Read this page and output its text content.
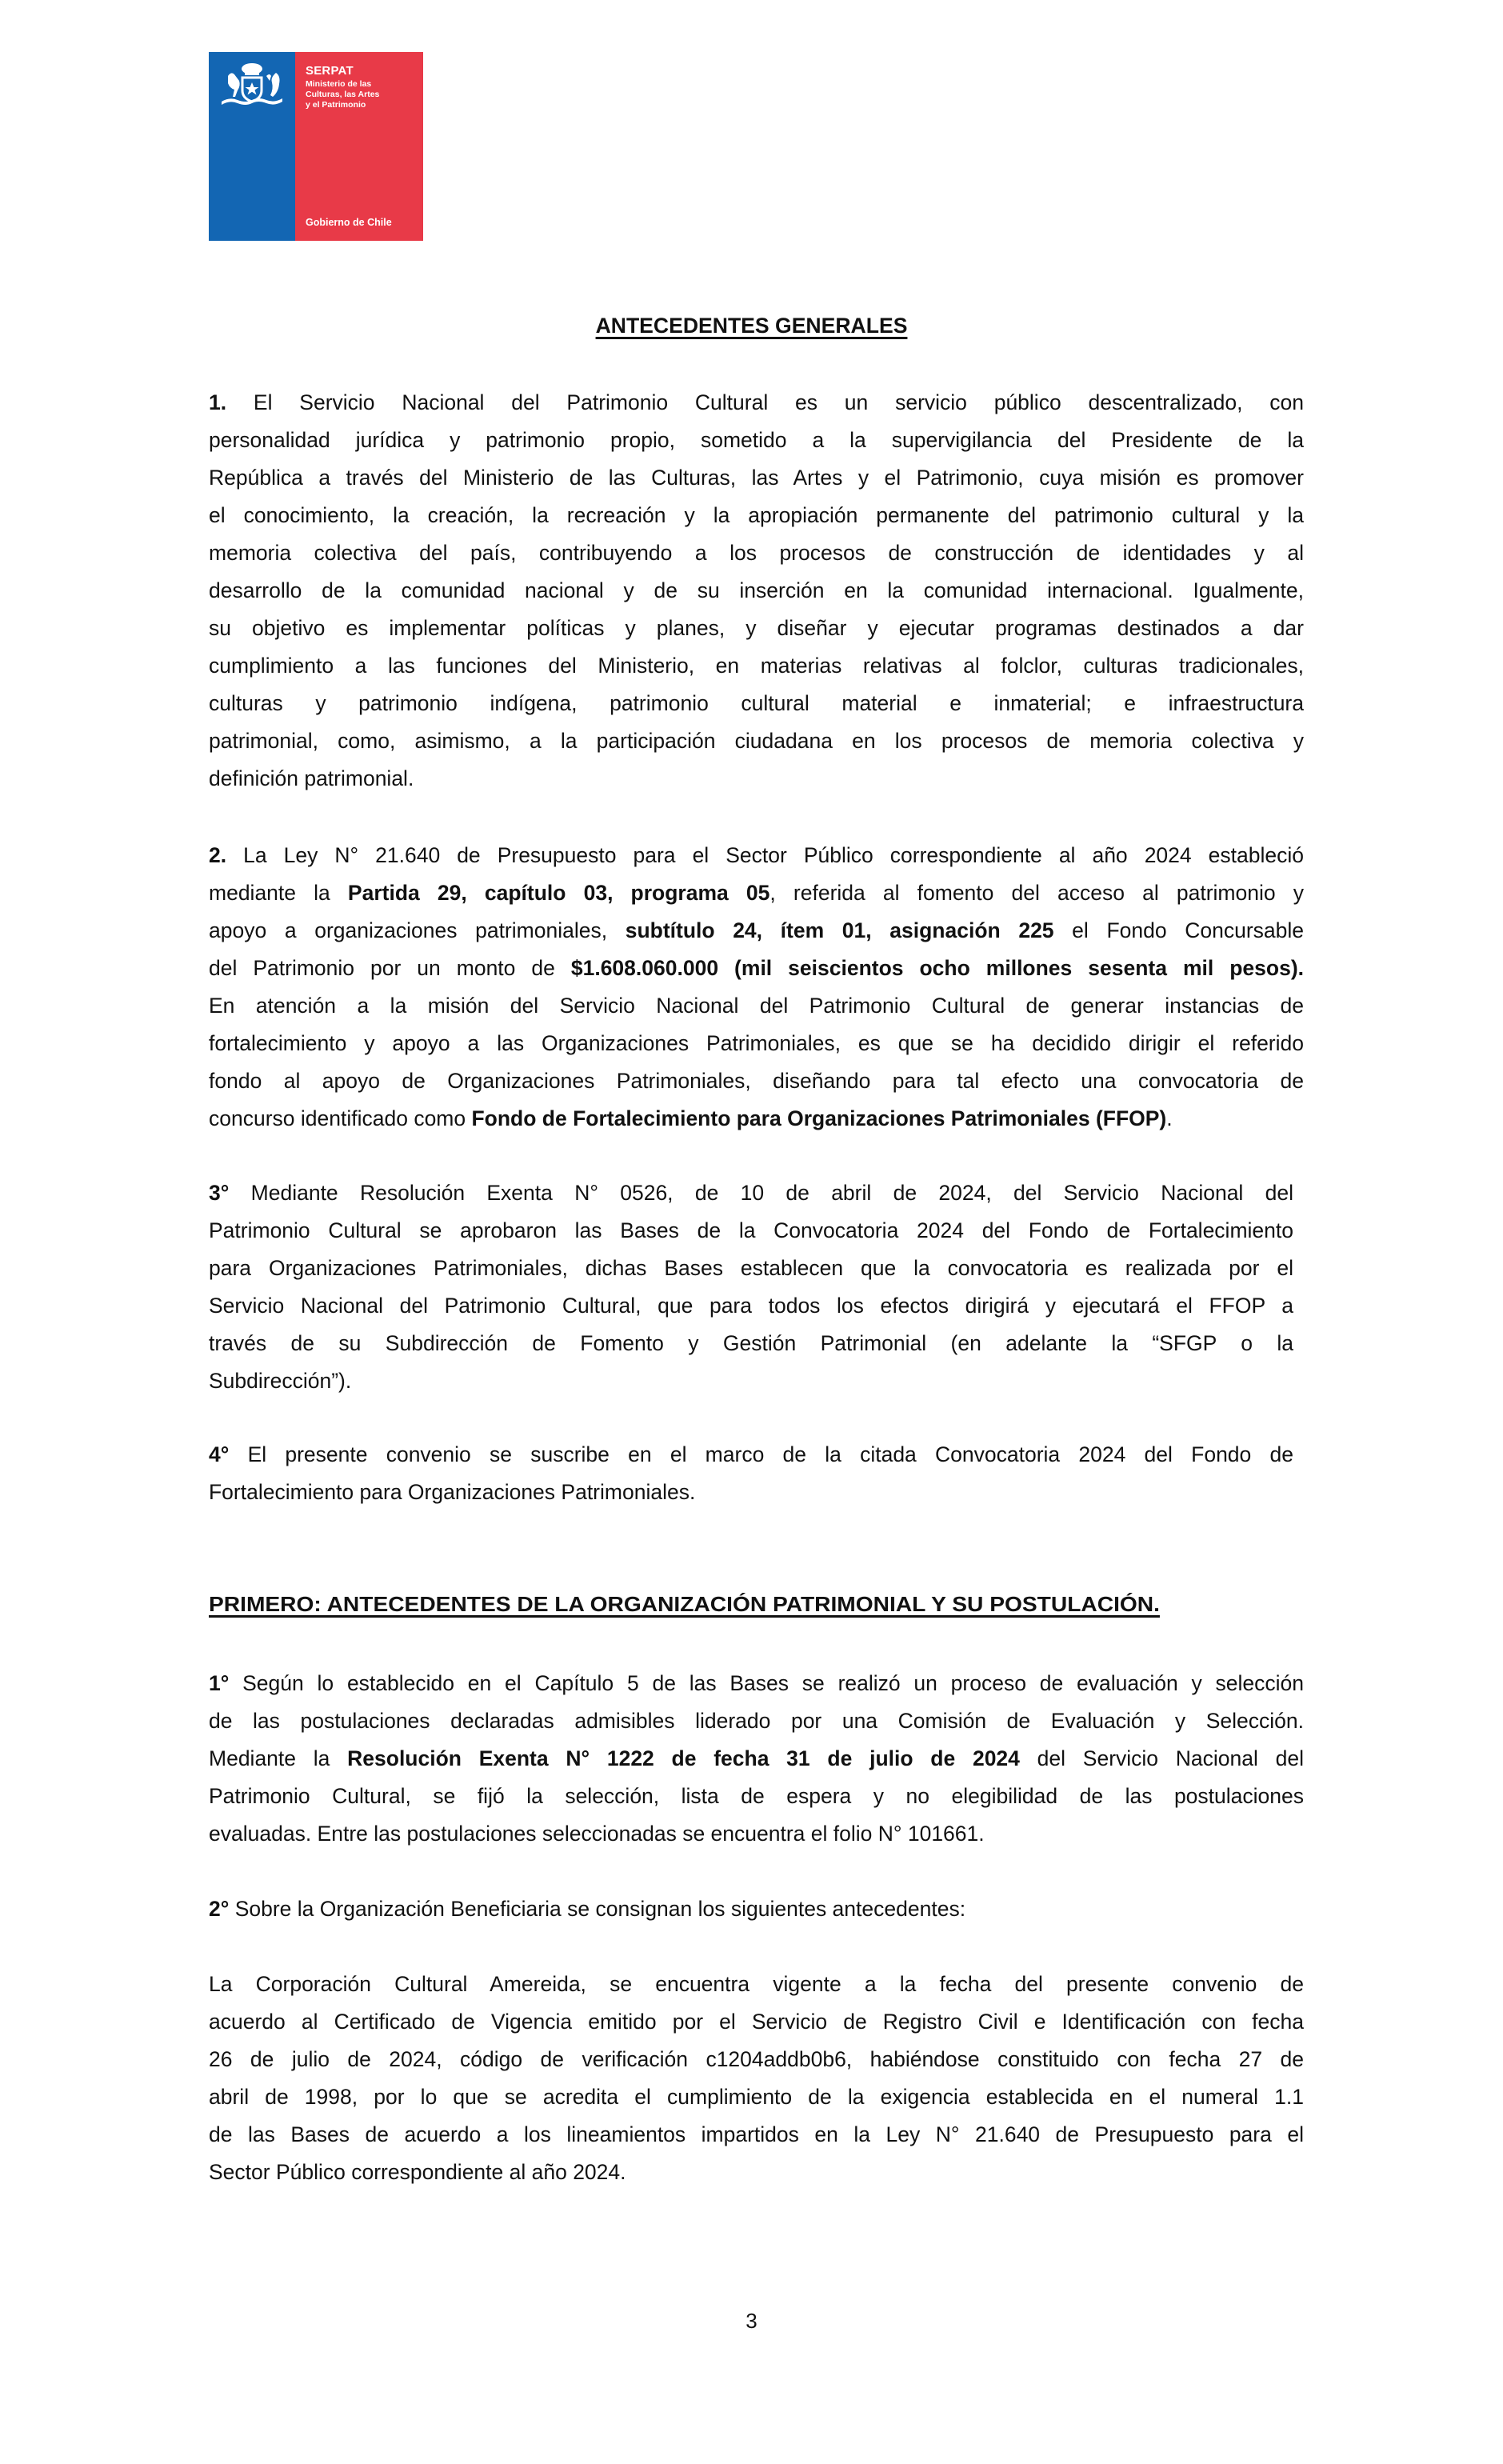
SERPAT
Ministerio de las
Culturas, las Artes
y el Patrimonio
Gobierno de Chile
ANTECEDENTES GENERALES
1. El Servicio Nacional del Patrimonio Cultural es un servicio público descentralizado, con
personalidad jurídica y patrimonio propio, sometido a la supervigilancia del Presidente de la
República a través del Ministerio de las Culturas, las Artes y el Patrimonio, cuya misión es promover
el conocimiento, la creación, la recreación y la apropiación permanente del patrimonio cultural y la
memoria colectiva del país, contribuyendo a los procesos de construcción de identidades y al
desarrollo de la comunidad nacional y de su inserción en la comunidad internacional. Igualmente,
su objetivo es implementar políticas y planes, y diseñar y ejecutar programas destinados a dar
cumplimiento a las funciones del Ministerio, en materias relativas al folclor, culturas tradicionales,
culturas y patrimonio indígena, patrimonio cultural material e inmaterial; e infraestructura
patrimonial, como, asimismo, a la participación ciudadana en los procesos de memoria colectiva y
definición patrimonial.
2. La Ley N° 21.640 de Presupuesto para el Sector Público correspondiente al año 2024 estableció
mediante la Partida 29, capítulo 03, programa 05, referida al fomento del acceso al patrimonio y
apoyo a organizaciones patrimoniales, subtítulo 24, ítem 01, asignación 225 el Fondo Concursable
del Patrimonio por un monto de $1.608.060.000 (mil seiscientos ocho millones sesenta mil pesos).
En atención a la misión del Servicio Nacional del Patrimonio Cultural de generar instancias de
fortalecimiento y apoyo a las Organizaciones Patrimoniales, es que se ha decidido dirigir el referido
fondo al apoyo de Organizaciones Patrimoniales, diseñando para tal efecto una convocatoria de
concurso identificado como Fondo de Fortalecimiento para Organizaciones Patrimoniales (FFOP).
3° Mediante Resolución Exenta N° 0526, de 10 de abril de 2024, del Servicio Nacional del
Patrimonio Cultural se aprobaron las Bases de la Convocatoria 2024 del Fondo de Fortalecimiento
para Organizaciones Patrimoniales, dichas Bases establecen que la convocatoria es realizada por el
Servicio Nacional del Patrimonio Cultural, que para todos los efectos dirigirá y ejecutará el FFOP a
través de su Subdirección de Fomento y Gestión Patrimonial (en adelante la “SFGP o la
Subdirección”).
4° El presente convenio se suscribe en el marco de la citada Convocatoria 2024 del Fondo de
Fortalecimiento para Organizaciones Patrimoniales.
PRIMERO: ANTECEDENTES DE LA ORGANIZACIÓN PATRIMONIAL Y SU POSTULACIÓN.
1° Según lo establecido en el Capítulo 5 de las Bases se realizó un proceso de evaluación y selección
de las postulaciones declaradas admisibles liderado por una Comisión de Evaluación y Selección.
Mediante la Resolución Exenta N° 1222 de fecha 31 de julio de 2024 del Servicio Nacional del
Patrimonio Cultural, se fijó la selección, lista de espera y no elegibilidad de las postulaciones
evaluadas. Entre las postulaciones seleccionadas se encuentra el folio N° 101661.
2° Sobre la Organización Beneficiaria se consignan los siguientes antecedentes:
La Corporación Cultural Amereida, se encuentra vigente a la fecha del presente convenio de
acuerdo al Certificado de Vigencia emitido por el Servicio de Registro Civil e Identificación con fecha
26 de julio de 2024, código de verificación c1204addb0b6, habiéndose constituido con fecha 27 de
abril de 1998, por lo que se acredita el cumplimiento de la exigencia establecida en el numeral 1.1
de las Bases de acuerdo a los lineamientos impartidos en la Ley N° 21.640 de Presupuesto para el
Sector Público correspondiente al año 2024.
3
